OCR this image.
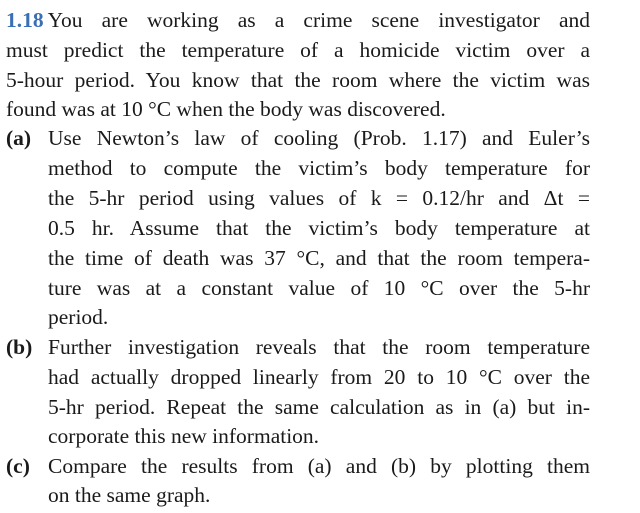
1.18 You are working as a crime scene investigator and
must predict the temperature of a homicide victim over a
5-hour period. You know that the room where the victim was
found was at 10 °C when the body was discovered.
(a) Use Newton’s law of cooling (Prob. 1.17) and Euler’s
method to compute the victim’s body temperature for
the 5-hr period using values of k = 0.12/hr and Δt =
0.5 hr. Assume that the victim’s body temperature at
the time of death was 37 °C, and that the room tempera-
ture was at a constant value of 10 °C over the 5-hr
period.
(b) Further investigation reveals that the room temperature
had actually dropped linearly from 20 to 10 °C over the
5-hr period. Repeat the same calculation as in (a) but in-
corporate this new information.
(c) Compare the results from (a) and (b) by plotting them
on the same graph.
